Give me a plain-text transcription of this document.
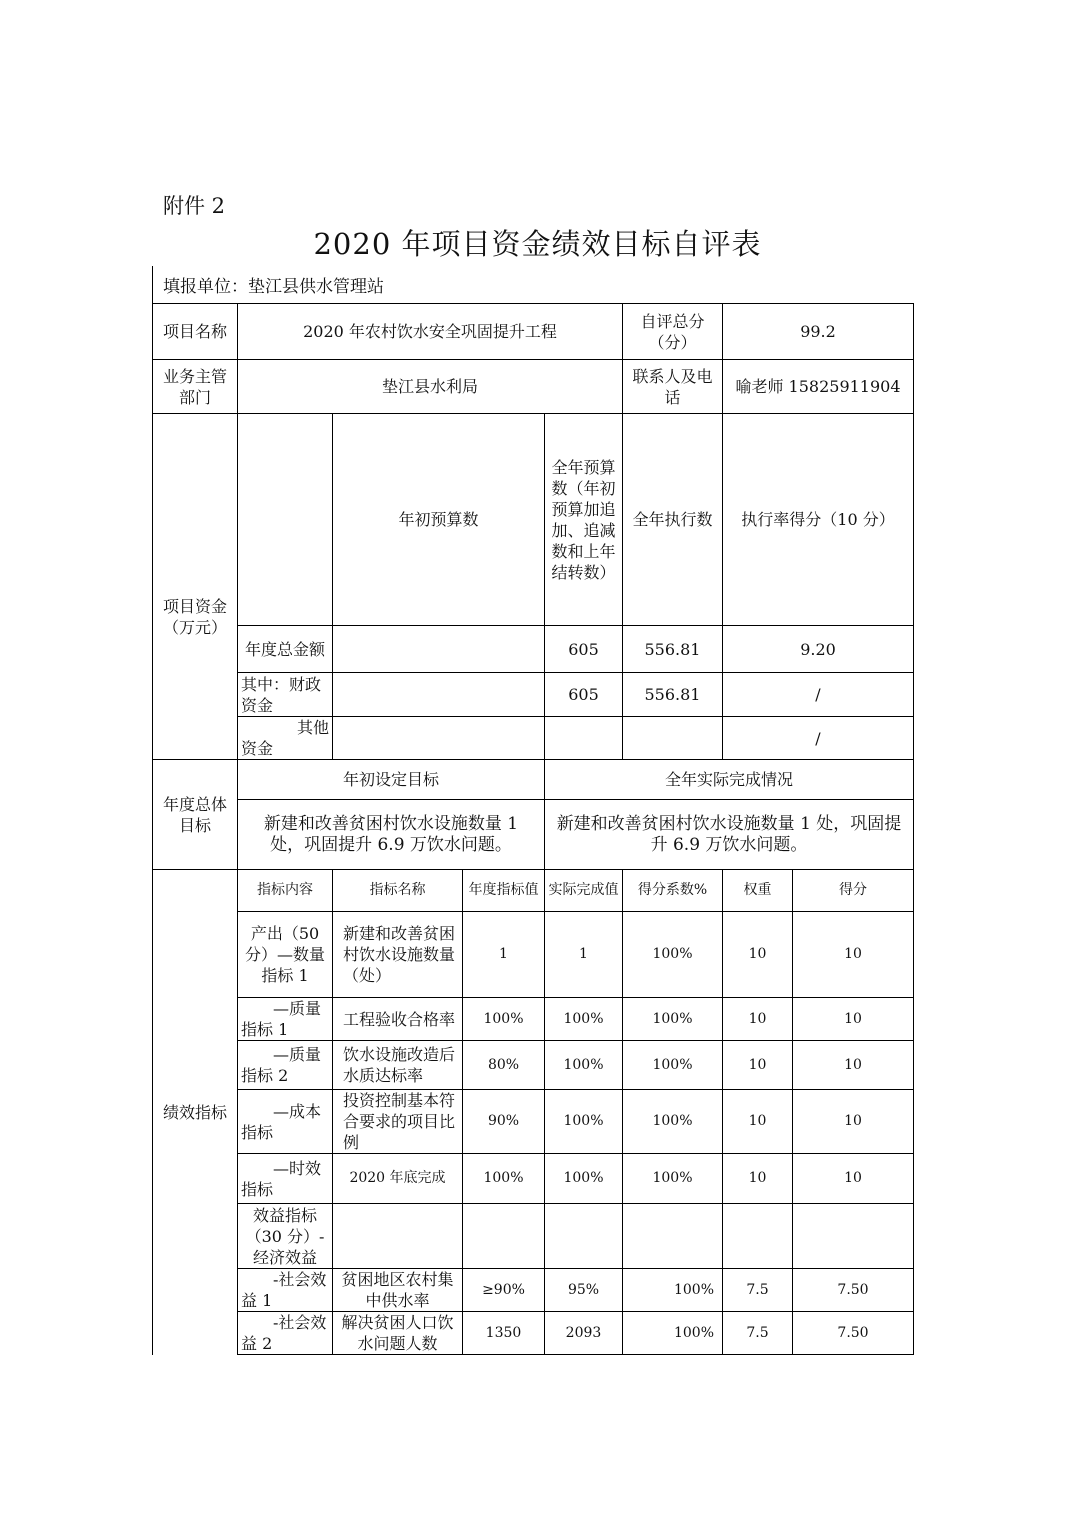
附件 2
2020 年项目资金绩效目标自评表
填报单位：垫江县供水管理站
项目名称	2020 年农村饮水安全巩固提升工程				自评总分（分）	99.2	
业务主管部门	垫江县水利局				联系人及电话	喻老师 15825911904	
项目资金（万元）		年初预算数		全年预算数（年初预算加追加、追减数和上年结转数）	全年执行数	执行率得分（10 分）	
	年度总金额			605	556.81	9.20	
	其中：财政资金			605	556.81	/	
	其他资金					/	
年度总体目标	年初设定目标			全年实际完成情况			
	新建和改善贫困村饮水设施数量 1 处，巩固提升 6.9 万饮水问题。			新建和改善贫困村饮水设施数量 1 处，巩固提升 6.9 万饮水问题。			
绩效指标	指标内容	指标名称	年度指标值	实际完成值	得分系数%	权重	得分
	产出（50 分）—数量指标 1	新建和改善贫困村饮水设施数量（处）	1	1	100%	10	10
	—质量指标 1	工程验收合格率	100%	100%	100%	10	10
	—质量指标 2	饮水设施改造后水质达标率	80%	100%	100%	10	10
	—成本指标	投资控制基本符合要求的项目比例	90%	100%	100%	10	10
	—时效指标	2020 年底完成	100%	100%	100%	10	10
	效益指标（30 分）-经济效益						
	-社会效益 1	贫困地区农村集中供水率	≥90%	95%	100%	7.5	7.50
	-社会效益 2	解决贫困人口饮水问题人数	1350	2093	100%	7.5	7.50
